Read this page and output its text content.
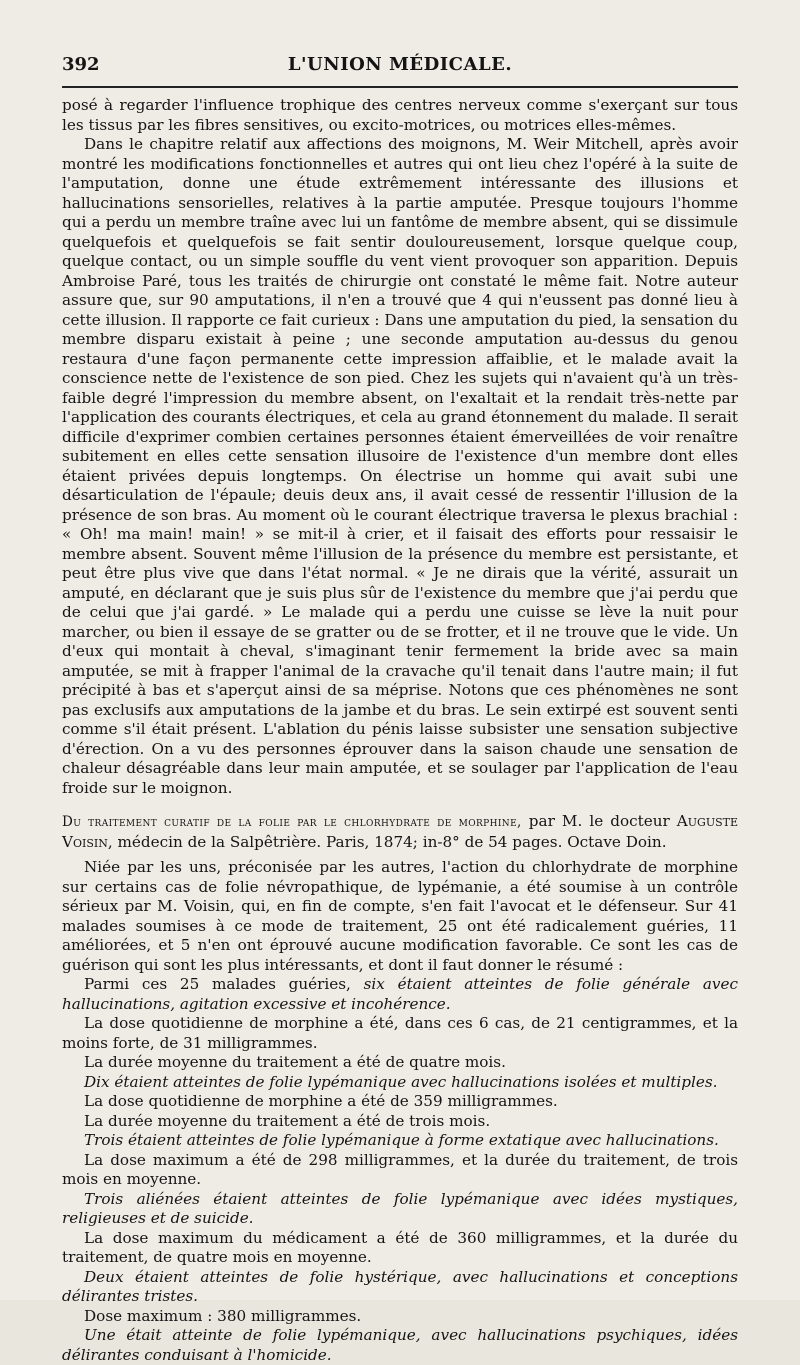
392	L'UNION MÉDICALE.

posé à regarder l'influence trophique des centres nerveux comme s'exerçant sur tous les tissus par les fibres sensitives, ou excito-motrices, ou motrices elles-mêmes.

Dans le chapitre relatif aux affections des moignons, M. Weir Mitchell, après avoir montré les modifications fonctionnelles et autres qui ont lieu chez l'opéré à la suite de l'amputation, donne une étude extrêmement intéressante des illusions et hallucinations sensorielles, relatives à la partie amputée. Presque toujours l'homme qui a perdu un membre traîne avec lui un fantôme de membre absent, qui se dissimule quelquefois et quelquefois se fait sentir douloureusement, lorsque quelque coup, quelque contact, ou un simple souffle du vent vient provoquer son apparition. Depuis Ambroise Paré, tous les traités de chirurgie ont constaté le même fait. Notre auteur assure que, sur 90 amputations, il n'en a trouvé que 4 qui n'eussent pas donné lieu à cette illusion. Il rapporte ce fait curieux : Dans une amputation du pied, la sensation du membre disparu existait à peine ; une seconde amputation au-dessus du genou restaura d'une façon permanente cette impression affaiblie, et le malade avait la conscience nette de l'existence de son pied. Chez les sujets qui n'avaient qu'à un très-faible degré l'impression du membre absent, on l'exaltait et la rendait très-nette par l'application des courants électriques, et cela au grand étonnement du malade. Il serait difficile d'exprimer combien certaines personnes étaient émerveillées de voir renaître subitement en elles cette sensation illusoire de l'existence d'un membre dont elles étaient privées depuis longtemps. On électrise un homme qui avait subi une désarticulation de l'épaule; deuis deux ans, il avait cessé de ressentir l'illusion de la présence de son bras. Au moment où le courant électrique traversa le plexus brachial : « Oh! ma main! main! » se mit-il à crier, et il faisait des efforts pour ressaisir le membre absent. Souvent même l'illusion de la présence du membre est persistante, et peut être plus vive que dans l'état normal. « Je ne dirais que la vérité, assurait un amputé, en déclarant que je suis plus sûr de l'existence du membre que j'ai perdu que de celui que j'ai gardé. » Le malade qui a perdu une cuisse se lève la nuit pour marcher, ou bien il essaye de se gratter ou de se frotter, et il ne trouve que le vide. Un d'eux qui montait à cheval, s'imaginant tenir fermement la bride avec sa main amputée, se mit à frapper l'animal de la cravache qu'il tenait dans l'autre main; il fut précipité à bas et s'aperçut ainsi de sa méprise. Notons que ces phénomènes ne sont pas exclusifs aux amputations de la jambe et du bras. Le sein extirpé est souvent senti comme s'il était présent. L'ablation du pénis laisse subsister une sensation subjective d'érection. On a vu des personnes éprouver dans la saison chaude une sensation de chaleur désagréable dans leur main amputée, et se soulager par l'application de l'eau froide sur le moignon.

Du traitement curatif de la folie par le chlorhydrate de morphine, par M. le docteur Auguste Voisin, médecin de la Salpêtrière. Paris, 1874; in-8° de 54 pages. Octave Doin.

Niée par les uns, préconisée par les autres, l'action du chlorhydrate de morphine sur certains cas de folie névropathique, de lypémanie, a été soumise à un contrôle sérieux par M. Voisin, qui, en fin de compte, s'en fait l'avocat et le défenseur. Sur 41 malades soumises à ce mode de traitement, 25 ont été radicalement guéries, 11 améliorées, et 5 n'en ont éprouvé aucune modification favorable. Ce sont les cas de guérison qui sont les plus intéressants, et dont il faut donner le résumé :

Parmi ces 25 malades guéries, six étaient atteintes de folie générale avec hallucinations, agitation excessive et incohérence.

La dose quotidienne de morphine a été, dans ces 6 cas, de 21 centigrammes, et la moins forte, de 31 milligrammes.

La durée moyenne du traitement a été de quatre mois.

Dix étaient atteintes de folie lypémanique avec hallucinations isolées et multiples.

La dose quotidienne de morphine a été de 359 milligrammes.

La durée moyenne du traitement a été de trois mois.

Trois étaient atteintes de folie lypémanique à forme extatique avec hallucinations.

La dose maximum a été de 298 milligrammes, et la durée du traitement, de trois mois en moyenne.

Trois aliénées étaient atteintes de folie lypémanique avec idées mystiques, religieuses et de suicide.

La dose maximum du médicament a été de 360 milligrammes, et la durée du traitement, de quatre mois en moyenne.

Deux étaient atteintes de folie hystérique, avec hallucinations et conceptions délirantes tristes.

Dose maximum : 380 milligrammes.

Une était atteinte de folie lypémanique, avec hallucinations psychiques, idées délirantes conduisant à l'homicide.
